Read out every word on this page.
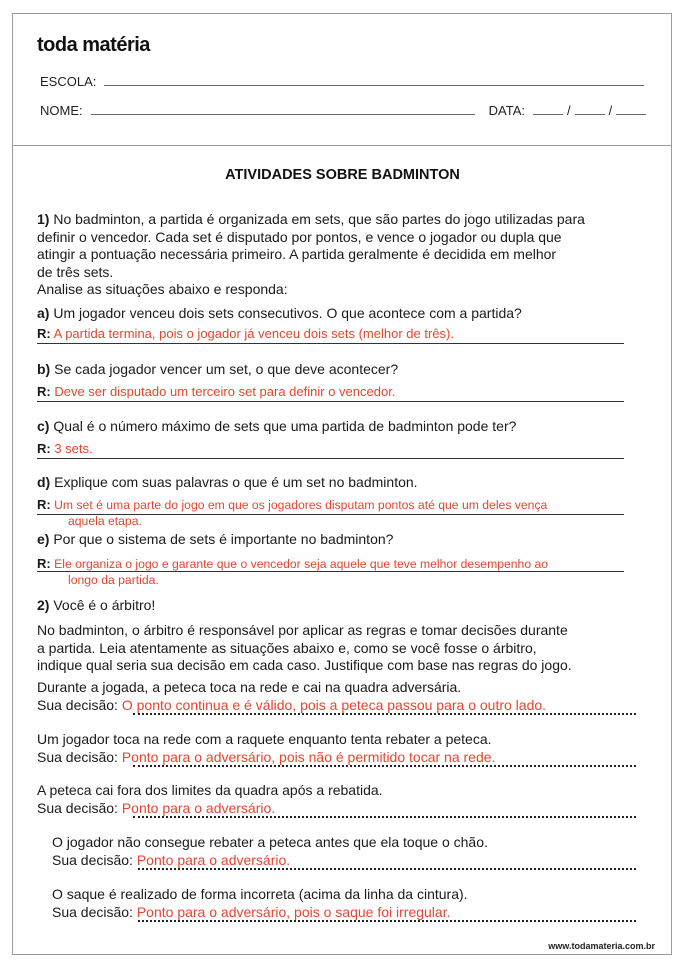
toda matéria
ESCOLA:
NOME:	DATA:	/	/
ATIVIDADES SOBRE BADMINTON
1) No badminton, a partida é organizada em sets, que são partes do jogo utilizadas para
definir o vencedor. Cada set é disputado por pontos, e vence o jogador ou dupla que
atingir a pontuação necessária primeiro. A partida geralmente é decidida em melhor
de três sets.
Analise as situações abaixo e responda:
a) Um jogador venceu dois sets consecutivos. O que acontece com a partida?
R: A partida termina, pois o jogador já venceu dois sets (melhor de três).
b) Se cada jogador vencer um set, o que deve acontecer?
R: Deve ser disputado um terceiro set para definir o vencedor.
c) Qual é o número máximo de sets que uma partida de badminton pode ter?
R: 3 sets.
d) Explique com suas palavras o que é um set no badminton.
R: Um set é uma parte do jogo em que os jogadores disputam pontos até que um deles vença
aquela etapa.
e) Por que o sistema de sets é importante no badminton?
R: Ele organiza o jogo e garante que o vencedor seja aquele que teve melhor desempenho ao
longo da partida.
2) Você é o árbitro!
No badminton, o árbitro é responsável por aplicar as regras e tomar decisões durante
a partida. Leia atentamente as situações abaixo e, como se você fosse o árbitro,
indique qual seria sua decisão em cada caso. Justifique com base nas regras do jogo.
Durante a jogada, a peteca toca na rede e cai na quadra adversária.
Sua decisão: O ponto continua e é válido, pois a peteca passou para o outro lado.
Um jogador toca na rede com a raquete enquanto tenta rebater a peteca.
Sua decisão: Ponto para o adversário, pois não é permitido tocar na rede.
A peteca cai fora dos limites da quadra após a rebatida.
Sua decisão: Ponto para o adversário.
O jogador não consegue rebater a peteca antes que ela toque o chão.
Sua decisão: Ponto para o adversário.
O saque é realizado de forma incorreta (acima da linha da cintura).
Sua decisão: Ponto para o adversário, pois o saque foi irregular.
www.todamateria.com.br
